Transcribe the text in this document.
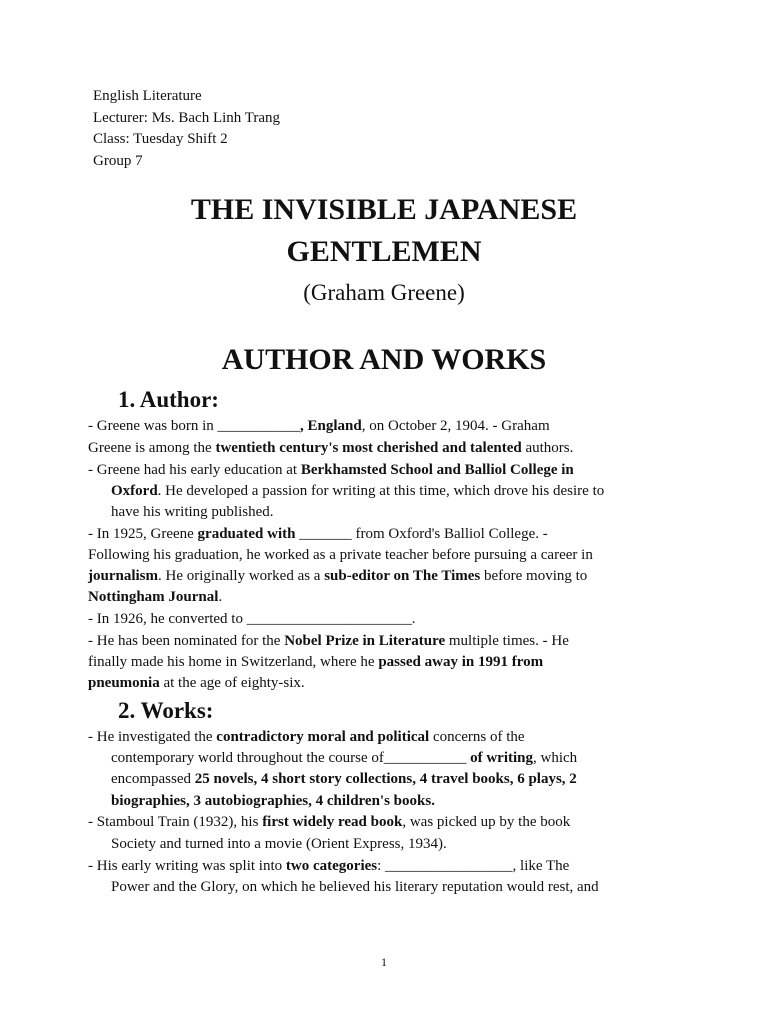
English Literature
Lecturer: Ms. Bach Linh Trang
Class: Tuesday Shift 2
Group 7
THE INVISIBLE JAPANESE
GENTLEMEN
(Graham Greene)
AUTHOR AND WORKS
1. Author:
- Greene was born in ___________, England, on October 2, 1904. - Graham
Greene is among the twentieth century's most cherished and talented authors.
- Greene had his early education at Berkhamsted School and Balliol College in
Oxford. He developed a passion for writing at this time, which drove his desire to
have his writing published.
- In 1925, Greene graduated with _______ from Oxford's Balliol College. -
Following his graduation, he worked as a private teacher before pursuing a career in
journalism. He originally worked as a sub-editor on The Times before moving to
Nottingham Journal.
- In 1926, he converted to ______________________.
- He has been nominated for the Nobel Prize in Literature multiple times. - He
finally made his home in Switzerland, where he passed away in 1991 from
pneumonia at the age of eighty-six.
2. Works:
- He investigated the contradictory moral and political concerns of the
contemporary world throughout the course of___________ of writing, which
encompassed 25 novels, 4 short story collections, 4 travel books, 6 plays, 2
biographies, 3 autobiographies, 4 children's books.
- Stamboul Train (1932), his first widely read book, was picked up by the book
Society and turned into a movie (Orient Express, 1934).
- His early writing was split into two categories: _________________, like The
Power and the Glory, on which he believed his literary reputation would rest, and
1
